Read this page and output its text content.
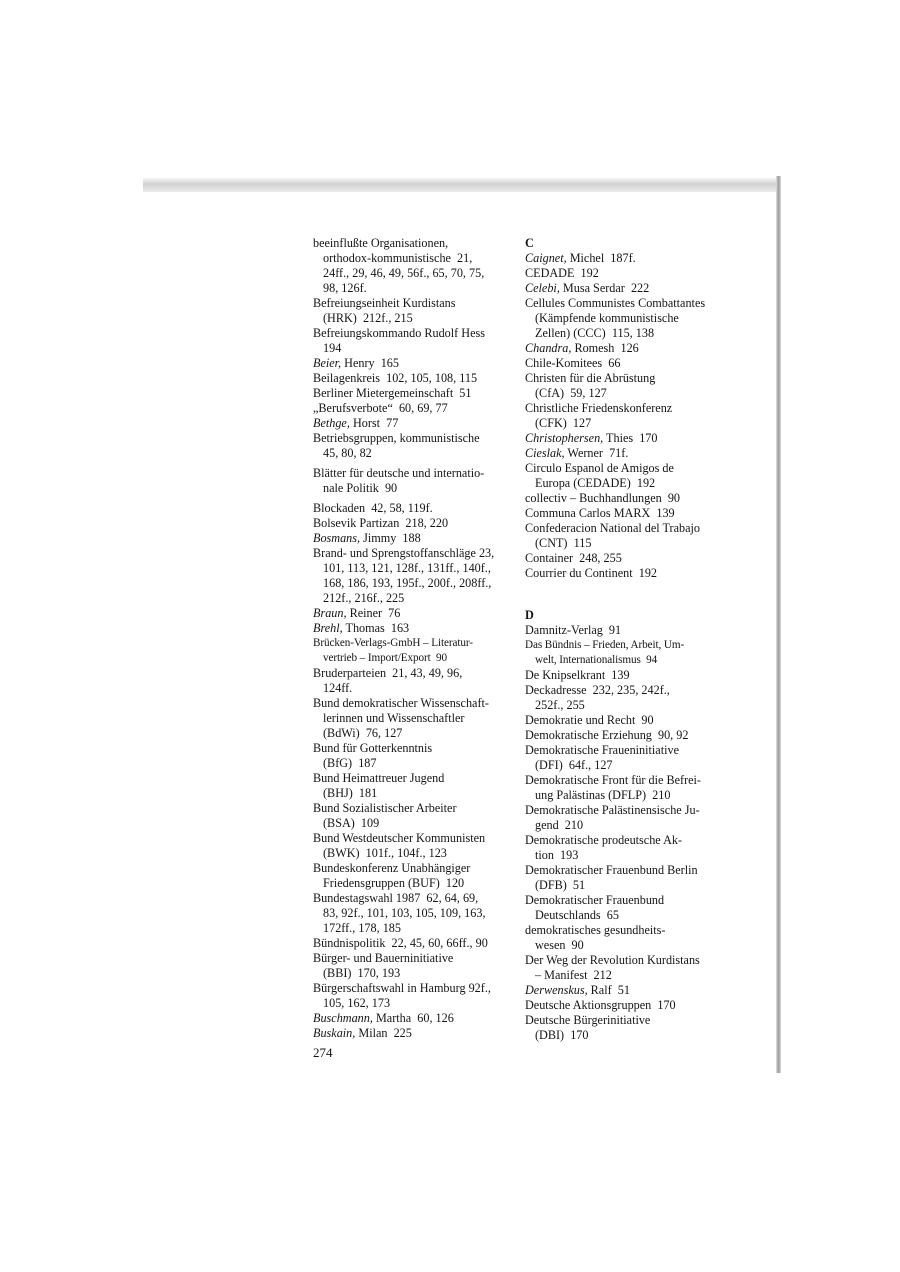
beeinflußte Organisationen,
orthodox-kommunistische  21,
24ff., 29, 46, 49, 56f., 65, 70, 75,
98, 126f.
Befreiungseinheit Kurdistans
(HRK)  212f., 215
Befreiungskommando Rudolf Hess
194
Beier, Henry  165
Beilagenkreis  102, 105, 108, 115
Berliner Mietergemeinschaft  51
„Berufsverbote“  60, 69, 77
Bethge, Horst  77
Betriebsgruppen, kommunistische
45, 80, 82
Blätter für deutsche und internatio-
nale Politik  90
Blockaden  42, 58, 119f.
Bolsevik Partizan  218, 220
Bosmans, Jimmy  188
Brand- und Sprengstoffanschläge 23,
101, 113, 121, 128f., 131ff., 140f.,
168, 186, 193, 195f., 200f., 208ff.,
212f., 216f., 225
Braun, Reiner  76
Brehl, Thomas  163
Brücken-Verlags-GmbH – Literatur-
vertrieb – Import/Export  90
Bruderparteien  21, 43, 49, 96,
124ff.
Bund demokratischer Wissenschaft-
lerinnen und Wissenschaftler
(BdWi)  76, 127
Bund für Gotterkenntnis
(BfG)  187
Bund Heimattreuer Jugend
(BHJ)  181
Bund Sozialistischer Arbeiter
(BSA)  109
Bund Westdeutscher Kommunisten
(BWK)  101f., 104f., 123
Bundeskonferenz Unabhängiger
Friedensgruppen (BUF)  120
Bundestagswahl 1987  62, 64, 69,
83, 92f., 101, 103, 105, 109, 163,
172ff., 178, 185
Bündnispolitik  22, 45, 60, 66ff., 90
Bürger- und Bauerninitiative
(BBI)  170, 193
Bürgerschaftswahl in Hamburg 92f.,
105, 162, 173
Buschmann, Martha  60, 126
Buskain, Milan  225
C
Caignet, Michel  187f.
CEDADE  192
Celebi, Musa Serdar  222
Cellules Communistes Combattantes
(Kämpfende kommunistische
Zellen) (CCC)  115, 138
Chandra, Romesh  126
Chile-Komitees  66
Christen für die Abrüstung
(CfA)  59, 127
Christliche Friedenskonferenz
(CFK)  127
Christophersen, Thies  170
Cieslak, Werner  71f.
Circulo Espanol de Amigos de
Europa (CEDADE)  192
collectiv – Buchhandlungen  90
Communa Carlos MARX  139
Confederacion National del Trabajo
(CNT)  115
Container  248, 255
Courrier du Continent  192
D
Damnitz-Verlag  91
Das Bündnis – Frieden, Arbeit, Um-
welt, Internationalismus  94
De Knipselkrant  139
Deckadresse  232, 235, 242f.,
252f., 255
Demokratie und Recht  90
Demokratische Erziehung  90, 92
Demokratische Fraueninitiative
(DFI)  64f., 127
Demokratische Front für die Befrei-
ung Palästinas (DFLP)  210
Demokratische Palästinensische Ju-
gend  210
Demokratische prodeutsche Ak-
tion  193
Demokratischer Frauenbund Berlin
(DFB)  51
Demokratischer Frauenbund
Deutschlands  65
demokratisches gesundheits-
wesen  90
Der Weg der Revolution Kurdistans
– Manifest  212
Derwenskus, Ralf  51
Deutsche Aktionsgruppen  170
Deutsche Bürgerinitiative
(DBI)  170
274
